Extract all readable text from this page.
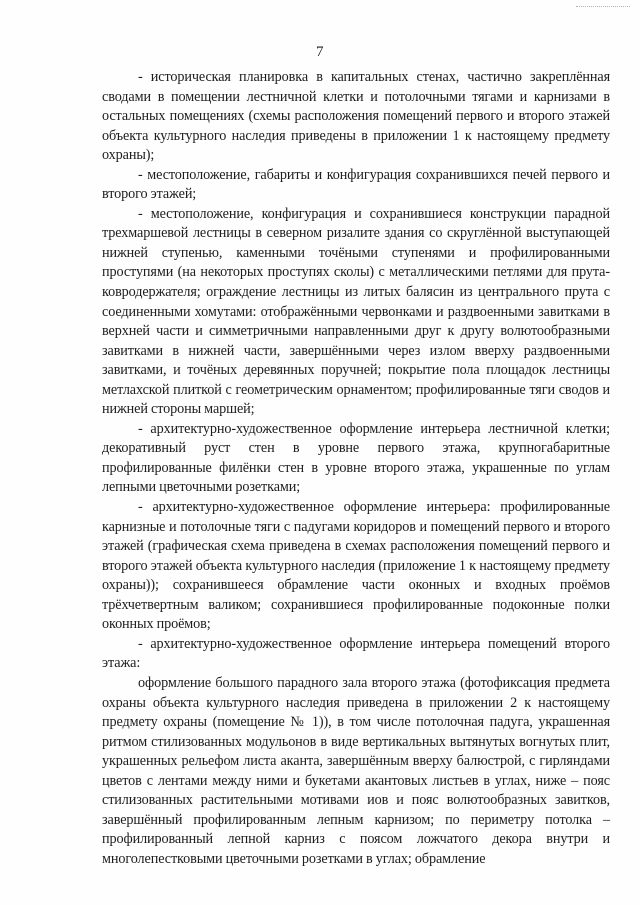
7

- историческая планировка в капитальных стенах, частично закреплённая сводами в помещении лестничной клетки и потолочными тягами и карнизами в остальных помещениях (схемы расположения помещений первого и второго этажей объекта культурного наследия приведены в приложении 1 к настоящему предмету охраны);

- местоположение, габариты и конфигурация сохранившихся печей первого и второго этажей;

- местоположение, конфигурация и сохранившиеся конструкции парадной трехмаршевой лестницы в северном ризалите здания со скруглённой выступающей нижней ступенью, каменными точёными ступенями и профилированными проступями (на некоторых проступях сколы) с металлическими петлями для прута-ковродержателя; ограждение лестницы из литых балясин из центрального прута с соединенными хомутами: отображёнными червонками и раздвоенными завитками в верхней части и симметричными направленными друг к другу волютообразными завитками в нижней части, завершёнными через излом вверху раздвоенными завитками, и точёных деревянных поручней; покрытие пола площадок лестницы метлахской плиткой с геометрическим орнаментом; профилированные тяги сводов и нижней стороны маршей;

- архитектурно-художественное оформление интерьера лестничной клетки; декоративный руст стен в уровне первого этажа, крупногабаритные профилированные филёнки стен в уровне второго этажа, украшенные по углам лепными цветочными розетками;

- архитектурно-художественное оформление интерьера: профилированные карнизные и потолочные тяги с падугами коридоров и помещений первого и второго этажей (графическая схема приведена в схемах расположения помещений первого и второго этажей объекта культурного наследия (приложение 1 к настоящему предмету охраны)); сохранившееся обрамление части оконных и входных проёмов трёхчетвертным валиком; сохранившиеся профилированные подоконные полки оконных проёмов;

- архитектурно-художественное оформление интерьера помещений второго этажа:

оформление большого парадного зала второго этажа (фотофиксация предмета охраны объекта культурного наследия приведена в приложении 2 к настоящему предмету охраны (помещение № 1)), в том числе потолочная падуга, украшенная ритмом стилизованных модульонов в виде вертикальных вытянутых вогнутых плит, украшенных рельефом листа аканта, завершённым вверху балюстрой, с гирляндами цветов с лентами между ними и букетами акантовых листьев в углах, ниже – пояс стилизованных растительными мотивами иов и пояс волютообразных завитков, завершённый профилированным лепным карнизом; по периметру потолка – профилированный лепной карниз с поясом ложчатого декора внутри и многолепестковыми цветочными розетками в углах; обрамление
